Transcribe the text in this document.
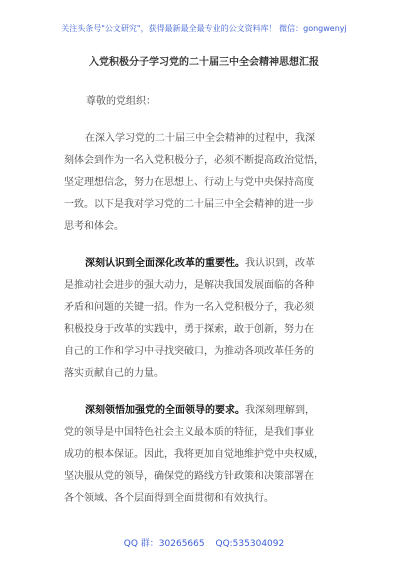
关注头条号"公文研究"，获得最新最全最专业的公文资料库！ 微信：gongwenyj
入党积极分子学习党的二十届三中全会精神思想汇报
尊敬的党组织：
在深入学习党的二十届三中全会精神的过程中，我深
刻体会到作为一名入党积极分子，必须不断提高政治觉悟，
坚定理想信念，努力在思想上、行动上与党中央保持高度
一致。以下是我对学习党的二十届三中全会精神的进一步
思考和体会。
深刻认识到全面深化改革的重要性。我认识到，改革
是推动社会进步的强大动力，是解决我国发展面临的各种
矛盾和问题的关键一招。作为一名入党积极分子，我必须
积极投身于改革的实践中，勇于探索，敢于创新，努力在
自己的工作和学习中寻找突破口，为推动各项改革任务的
落实贡献自己的力量。
深刻领悟加强党的全面领导的要求。我深刻理解到，
党的领导是中国特色社会主义最本质的特征，是我们事业
成功的根本保证。因此，我将更加自觉地维护党中央权威，
坚决服从党的领导，确保党的路线方针政策和决策部署在
各个领域、各个层面得到全面贯彻和有效执行。
QQ 群：30265665 QQ:535304092
